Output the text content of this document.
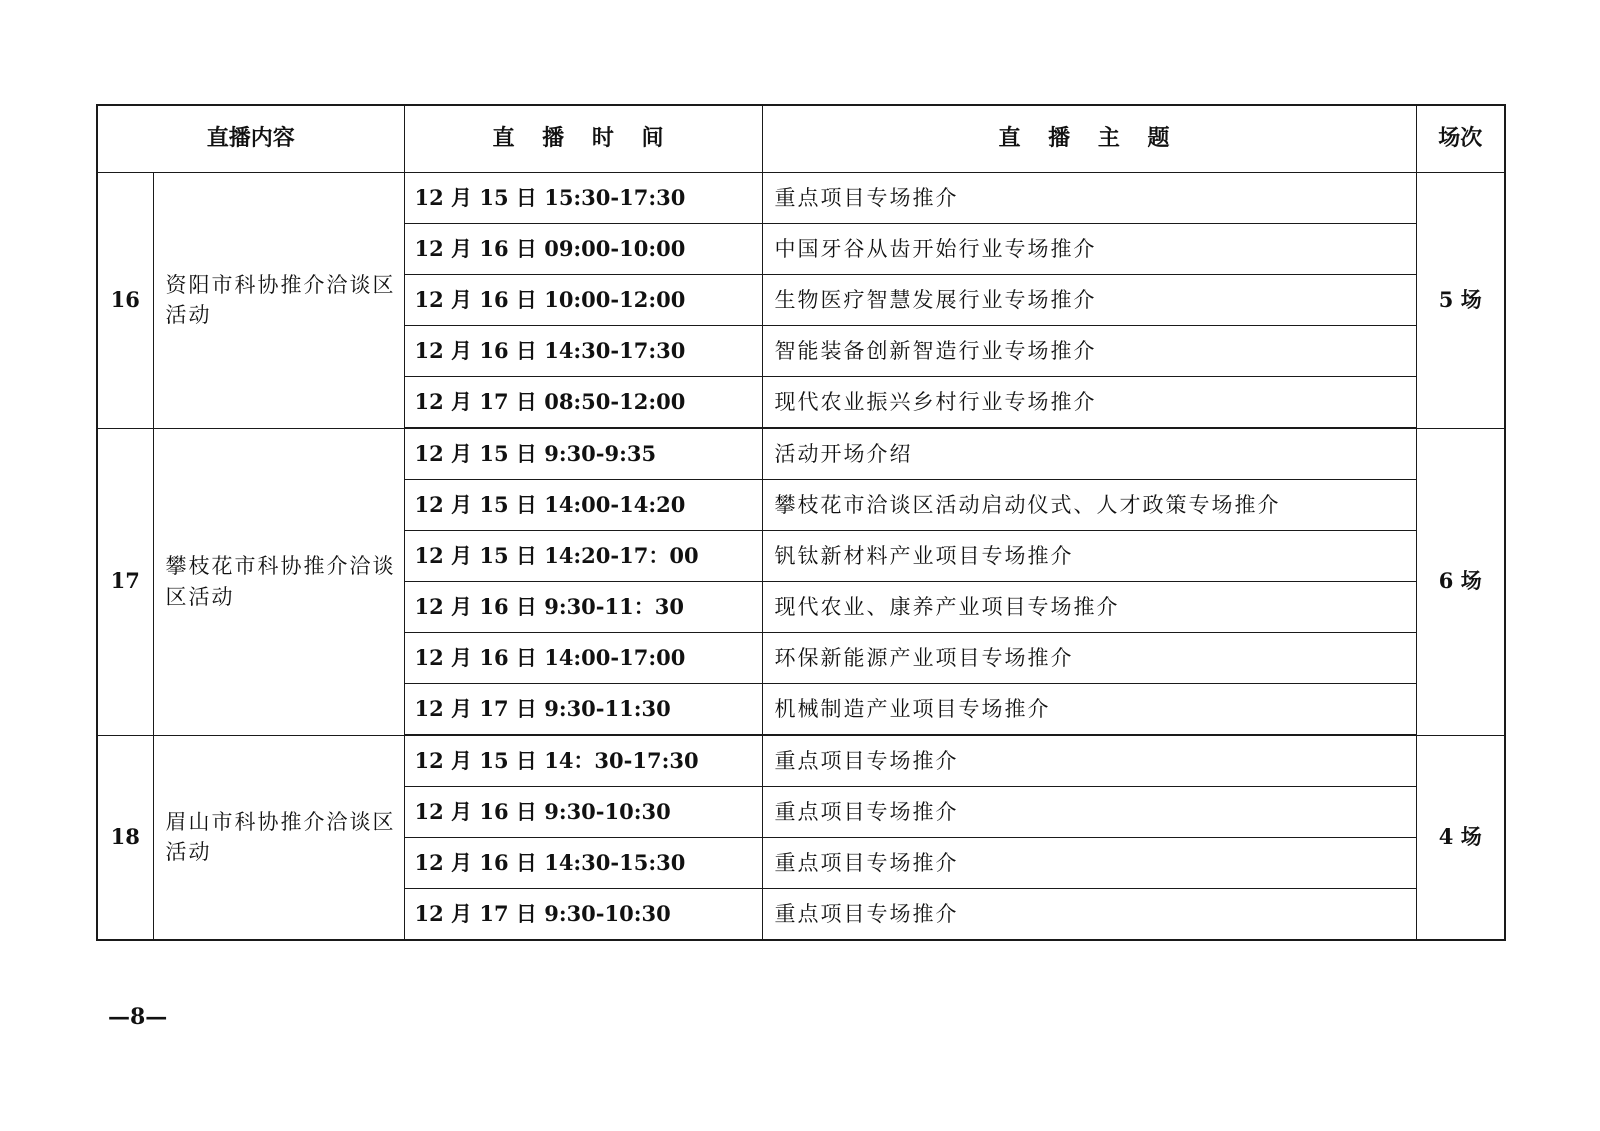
直播内容		直 播 时 间	直 播 主 题	场次
16	资阳市科协推介洽谈区活动	12 月 15 日 15:30-17:30	重点项目专场推介	5 场
		12 月 16 日 09:00-10:00	中国牙谷从齿开始行业专场推介	
		12 月 16 日 10:00-12:00	生物医疗智慧发展行业专场推介	
		12 月 16 日 14:30-17:30	智能装备创新智造行业专场推介	
		12 月 17 日 08:50-12:00	现代农业振兴乡村行业专场推介	
17	攀枝花市科协推介洽谈区活动	12 月 15 日 9:30-9:35	活动开场介绍	6 场
		12 月 15 日 14:00-14:20	攀枝花市洽谈区活动启动仪式、人才政策专场推介	
		12 月 15 日 14:20-17：00	钒钛新材料产业项目专场推介	
		12 月 16 日 9:30-11：30	现代农业、康养产业项目专场推介	
		12 月 16 日 14:00-17:00	环保新能源产业项目专场推介	
		12 月 17 日 9:30-11:30	机械制造产业项目专场推介	
18	眉山市科协推介洽谈区活动	12 月 15 日 14：30-17:30	重点项目专场推介	4 场
		12 月 16 日 9:30-10:30	重点项目专场推介	
		12 月 16 日 14:30-15:30	重点项目专场推介	
		12 月 17 日 9:30-10:30	重点项目专场推介	
—8—
